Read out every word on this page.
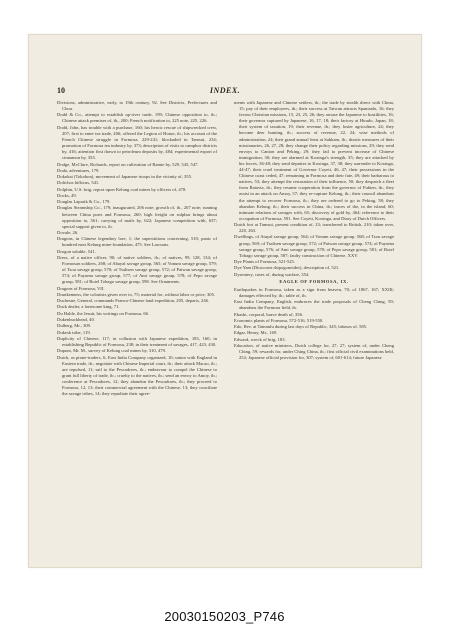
10	INDEX.
Divisions, administrative, early, to 19th century, 92. See Districts, Prefectures and Chou.
Dodd & Co., attempt to establish up-river trade, 199; Chinese opposition to, ib.; Chinese attack premises of, ib., 200; French notification to, 225 note, 225, 226.
Dodd, John, has trouble with a purchase, 160; his heroic rescue of shipwrecked crew, 207; first to enter tea trade, 206; offered the Legion of Honor, ib.; his account of the French Chinese struggle in Formosa, 229-241; blockaded in Tamsui, 234; promotion of Formosa tea industry by, 373; description of visits to camphor districts by, 416; attention first drawn to petroleum deposits by, 484; experimental export of cinnamon by, 355.
Dodge, McClure, Richards, report on cultivation of Ramie by, 529, 545, 547.
Doda, adventures, 179.
Dokokai (Tokohon), movement of Japanese troops in the vicinity of, 355.
Dolichos biflorus, 541.
Dolphin, U.S. brig, report upon Kelung coal mines by officers of, 478.
Docks, 49.
Douglas Lapraik & Co., 179.
Douglas Steamship Co., 179; inaugurated, 206 note; growth of, ib., 207 note; running between China ports and Formosa, 260; high freight on sulphur brings about opposition to, 561; carrying of mails by, 622; Japanese competition with, 637; special support given to, ib.
Dovale, 26.
Dragons, in Chinese legendary lore, 1; the superstitious concerning, 510; panic of hundred near Kelung mine-foundation, 475. See Lawsons.
Drogon soluble, 541.
Dress, of a native officer, 90; of native soldiers, ib.; of natives, 99, 128, 134; of Formosan soldiers, 268; of Abayal savage group, 565; of Vonum savage group, 579; of Tsou savage group, 570; of Tsalisen savage group, 572; of Paiwan savage group, 574; of Puyuma savage group, 577; of Ami savage group, 578; of Pepo savage group, 581; of Botel Tobago savage group, 598. See Ornaments.
Dragons of Formosa, VII.
Drunkenness, the colonists given over to, 75; material for, without labor or price, 305.
Duchesne, General, commands Franco-Chinese land expedition, 205, departs, 246.
Duck dealer, a lonesome king, 71.
Du Halde, the Jesuit, his writings on Formosa, 66.
Dukenbuckhead, 40.
Dulberg, Mr., 309.
Dukesk tribe, 119.
Duplicity of Chinese, 117; in collusion with Japanese expedition, 183, 160; in establishing Republic of Formosa, 238; in their treatment of savages, 417, 423, 430.
Dupont, Mr. M., survey of Kelung coal mines by, 310, 479.
Dutch, as pirate-traders, 6; East India Company organized, 10; union with England in Eastern trade, ib.; negotiate with Chinese Imperial court, ib.; their attack Macao, ib.; are repulsed, 11; sail to the Pescadores, ib.; endeavour to compel the Chinese to grant full liberty of trade, ib.; cruelty to the natives, ib.; send an envoy to Amoy, ib.; conference at Pescadores, 12; they abandon the Pescadores, ib.; they proceed to Formosa, 12, 13; their commercial agreement with the Chinese, 13; they conciliate the savage tribes, 14; they repudiate their agree-
ments with Japanese and Chinese settlers, ib.; the trade by stealth direct with China, 15; pay of their employees, ib.; their success at Taiwan attracts Spaniards, 16; they favour Christian missions, 15, 23, 25, 26; they arouse the Japanese to hostilities, 16; their governor captured by Japanese, 16, 17, 18; their factory at Hirado, Japan, 18; their system of taxation, 19; their revenue, ib.; they foster agriculture, 24; they become deer hunting, ib.; success of revenue, 22, 24; wise methods of administration, 24; their grand annual feast at Sakkam, ib.; drastic measures of their missionaries, 26, 27, 28; they change their policy regarding missions, 29; they send envoys to Canton and Peking, 29; they fail to prevent increase of Chinese immigration, 30; they are alarmed at Koxinga's strength, 35; they are attacked by his forces, 36-48; they send deputies to Koxinga, 37, 38; they surrender to Koxinga, 44-47; their cruel treatment of Governor Coyett, 46, 47; their possessions in the Chinese coast ceded, 47; remaining in Formosa and their fate, 49; their barbarous to natives, 53; they attempt the restoration of their influence, 50; they despatch a fleet from Batavia, ib.; they resume cooperation from the governor of Fukien, ib.; they assist in an attack on Amoy, 57; they re-capture Kelung, ib.; their council abandons the attempt to recover Formosa, ib.; they are ordered to go to Peking, 58; they abandon Kelung, ib.; their success in China, ib.; traces of the, in the island, 60; intimate relations of savages with, 65; discovery of gold by, 464; reference to their occupation of Formosa, 591. See Coyett, Koxinga, and Diary of Dutch Officers.
Dutch fort at Tamsui, present condition of, 23; transferred to British, 210; taken over, 220, 263.
Dwellings, of Atayal savage group, 564; of Vonum savage group, 568; of Tsou savage group, 569; of Tsalisen savage group, 572; of Paiwan savage group, 574; of Puyuma savage group, 576; of Ami savage group, 578; of Pepo savage group, 581; of Botel Tobago savage group, 587; faulty construction of Chinese, XXV.
Dye Plants of Formosa, 521-525.
Dye Yam (Dioscorea rhipogonoides), description of, 521.
Dysentery, cases of, during warfare, 354.
EAGLE OF FORMOSA, IX.
Earthquakes in Formosa, taken as a sign from heaven, 70; of 1867, 167; XXIII; damages effected by, ib.; table of, ib.
East India Company, English, embraces the trade proposals of Cheng Ching, 59; abandons the Formosa field, ib.
Ebashi, corporal, brave death of, 356.
Economic plants of Formosa, 572-516, 519-550.
Edo, Rev. at Tainanfu during last days of Republic, 345; labours of, 585.
Edgar, Henry, Mr., 169.
Edward, wreck of brig, 183.
Education, of native ministers, Dutch college for, 27; 27; system of, under Cheng Ching, 59; rewards for, under Ching China, ib.; first official civil examinations held, 252; Japanese official provision for, 307; system of, 601-614; future Japanese
20030150203_P746
